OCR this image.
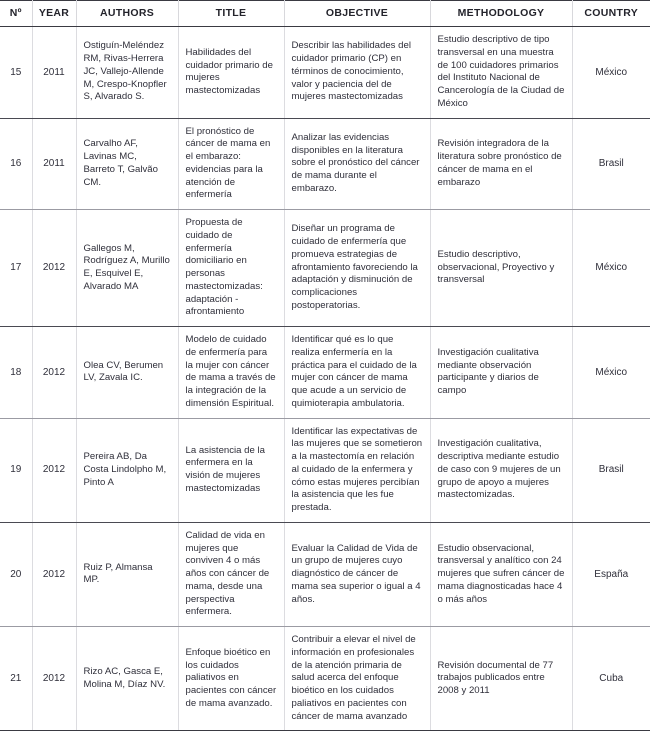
Nº	YEAR	AUTHORS	TITLE	OBJECTIVE	METHODOLOGY	COUNTRY
15	2011	Ostiguín-Meléndez RM, Rivas-Herrera JC, Vallejo-Allende M, Crespo-Knopfler S, Alvarado S.	Habilidades del cuidador primario de mujeres mastectomizadas	Describir las habilidades del cuidador primario (CP) en términos de conocimiento, valor y paciencia del de mujeres mastectomizadas	Estudio descriptivo de tipo transversal en una muestra de 100 cuidadores primarios del Instituto Nacional de Cancerología de la Ciudad de México	México
16	2011	Carvalho AF, Lavinas MC, Barreto T, Galvão CM.	El pronóstico de cáncer de mama en el embarazo: evidencias para la atención de enfermería	Analizar las evidencias disponibles en la literatura sobre el pronóstico del cáncer de mama durante el embarazo.	Revisión integradora de la literatura sobre pronóstico de cáncer de mama en el embarazo	Brasil
17	2012	Gallegos M, Rodríguez A, Murillo E, Esquivel E, Alvarado MA	Propuesta de cuidado de enfermería domiciliario en personas mastectomizadas: adaptación - afrontamiento	Diseñar un programa de cuidado de enfermería que promueva estrategias de afrontamiento favoreciendo la adaptación y disminución de complicaciones postoperatorias.	Estudio descriptivo, observacional, Proyectivo y transversal	México
18	2012	Olea CV, Berumen LV, Zavala IC.	Modelo de cuidado de enfermería para la mujer con cáncer de mama a través de la integración de la dimensión Espiritual.	Identificar qué es lo que realiza enfermería en la práctica para el cuidado de la mujer con cáncer de mama que acude a un servicio de quimioterapia ambulatoria.	Investigación cualitativa mediante observación participante y diarios de campo	México
19	2012	Pereira AB, Da Costa Lindolpho M, Pinto A	La asistencia de la enfermera en la visión de mujeres mastectomizadas	Identificar las expectativas de las mujeres que se sometieron a la mastectomía en relación al cuidado de la enfermera y cómo estas mujeres percibían la asistencia que les fue prestada.	Investigación cualitativa, descriptiva mediante estudio de caso con 9 mujeres de un grupo de apoyo a mujeres mastectomizadas.	Brasil
20	2012	Ruiz P, Almansa MP.	Calidad de vida en mujeres que conviven 4 o más años con cáncer de mama, desde una perspectiva enfermera.	Evaluar la Calidad de Vida de un grupo de mujeres cuyo diagnóstico de cáncer de mama sea superior o igual a 4 años.	Estudio observacional, transversal y analítico con 24 mujeres que sufren cáncer de mama diagnosticadas hace 4 o más años	España
21	2012	Rizo AC, Gasca E, Molina M, Díaz NV.	Enfoque bioético en los cuidados paliativos en pacientes con cáncer de mama avanzado.	Contribuir a elevar el nivel de información en profesionales de la atención primaria de salud acerca del enfoque bioético en los cuidados paliativos en pacientes con cáncer de mama avanzado	Revisión documental de 77 trabajos publicados entre 2008 y 2011	Cuba
